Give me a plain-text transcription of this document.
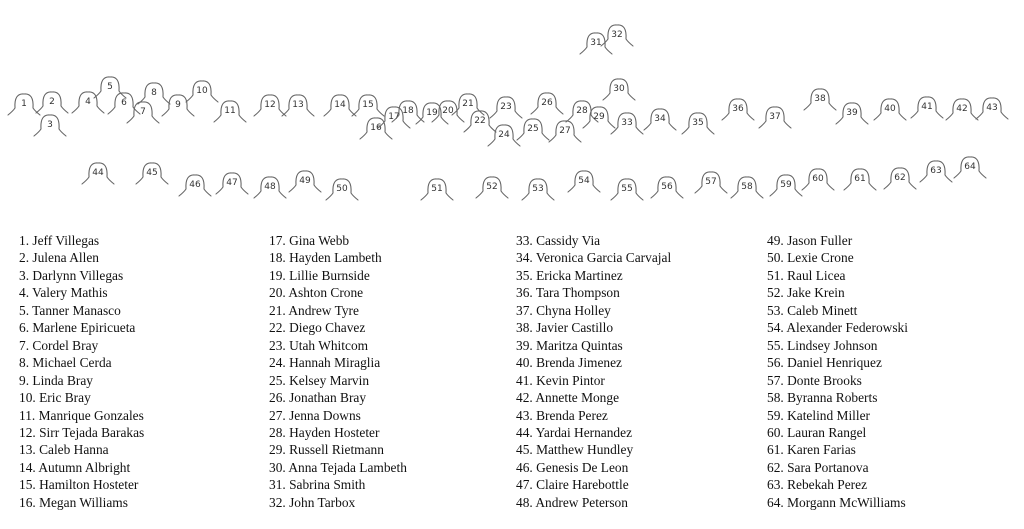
1 2
3
4
5
6
7
8
9
10
11
12 13	14 15
16
17
18 19 20
21
22
23
24
25
26
27
28
29
30
31
32
33 34	35
36
37
38
39	40	41	42 43
44	45
46	47	48
49
50	51	52	53
54
55	56	57	58	59
60	61	62
63	64
1. Jeff Villegas
2. Julena Allen
3. Darlynn Villegas
4. Valery Mathis
5. Tanner Manasco
6. Marlene Epiricueta
7. Cordel Bray
8. Michael Cerda
9. Linda Bray
10. Eric Bray
11. Manrique Gonzales
12. Sirr Tejada Barakas
13. Caleb Hanna
14. Autumn Albright
15. Hamilton Hosteter
16. Megan Williams
17. Gina Webb
18. Hayden Lambeth
19. Lillie Burnside
20. Ashton Crone
21. Andrew Tyre
22. Diego Chavez
23. Utah Whitcom
24. Hannah Miraglia
25. Kelsey Marvin
26. Jonathan Bray
27. Jenna Downs
28. Hayden Hosteter
29. Russell Rietmann
30. Anna Tejada Lambeth
31. Sabrina Smith
32. John Tarbox
33. Cassidy Via
34. Veronica Garcia Carvajal
35. Ericka Martinez
36. Tara Thompson
37. Chyna Holley
38. Javier Castillo
39. Maritza Quintas
40. Brenda Jimenez
41. Kevin Pintor
42. Annette Monge
43. Brenda Perez
44. Yardai Hernandez
45. Matthew Hundley
46. Genesis De Leon
47. Claire Harebottle
48. Andrew Peterson
49. Jason Fuller
50. Lexie Crone
51. Raul Licea
52. Jake Krein
53. Caleb Minett
54. Alexander Federowski
55. Lindsey Johnson
56. Daniel Henriquez
57. Donte Brooks
58. Byranna Roberts
59. Katelind Miller
60. Lauran Rangel
61. Karen Farias
62. Sara Portanova
63. Rebekah Perez
64. Morgann McWilliams
